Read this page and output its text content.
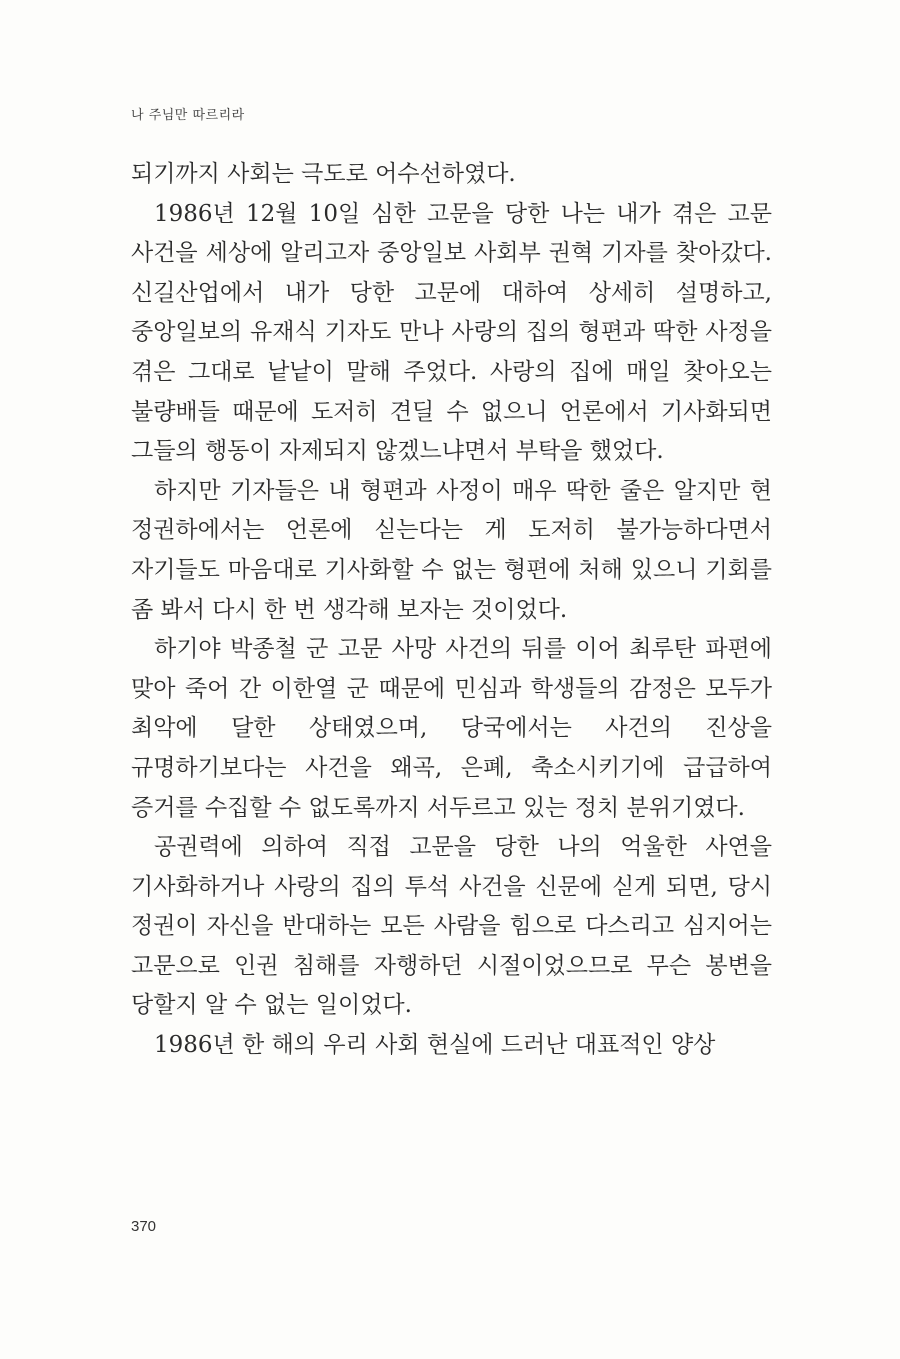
나 주님만 따르리라

되기까지 사회는 극도로 어수선하였다.

1986년 12월 10일 심한 고문을 당한 나는 내가 겪은 고문 사건을 세상에 알리고자 중앙일보 사회부 권혁 기자를 찾아갔다. 신길산업에서 내가 당한 고문에 대하여 상세히 설명하고, 중앙일보의 유재식 기자도 만나 사랑의 집의 형편과 딱한 사정을 겪은 그대로 낱낱이 말해 주었다. 사랑의 집에 매일 찾아오는 불량배들 때문에 도저히 견딜 수 없으니 언론에서 기사화되면 그들의 행동이 자제되지 않겠느냐면서 부탁을 했었다.

하지만 기자들은 내 형편과 사정이 매우 딱한 줄은 알지만 현 정권하에서는 언론에 싣는다는 게 도저히 불가능하다면서 자기들도 마음대로 기사화할 수 없는 형편에 처해 있으니 기회를 좀 봐서 다시 한 번 생각해 보자는 것이었다.

하기야 박종철 군 고문 사망 사건의 뒤를 이어 최루탄 파편에 맞아 죽어 간 이한열 군 때문에 민심과 학생들의 감정은 모두가 최악에 달한 상태였으며, 당국에서는 사건의 진상을 규명하기보다는 사건을 왜곡, 은폐, 축소시키기에 급급하여 증거를 수집할 수 없도록까지 서두르고 있는 정치 분위기였다.

공권력에 의하여 직접 고문을 당한 나의 억울한 사연을 기사화하거나 사랑의 집의 투석 사건을 신문에 싣게 되면, 당시 정권이 자신을 반대하는 모든 사람을 힘으로 다스리고 심지어는 고문으로 인권 침해를 자행하던 시절이었으므로 무슨 봉변을 당할지 알 수 없는 일이었다.

1986년 한 해의 우리 사회 현실에 드러난 대표적인 양상

370
